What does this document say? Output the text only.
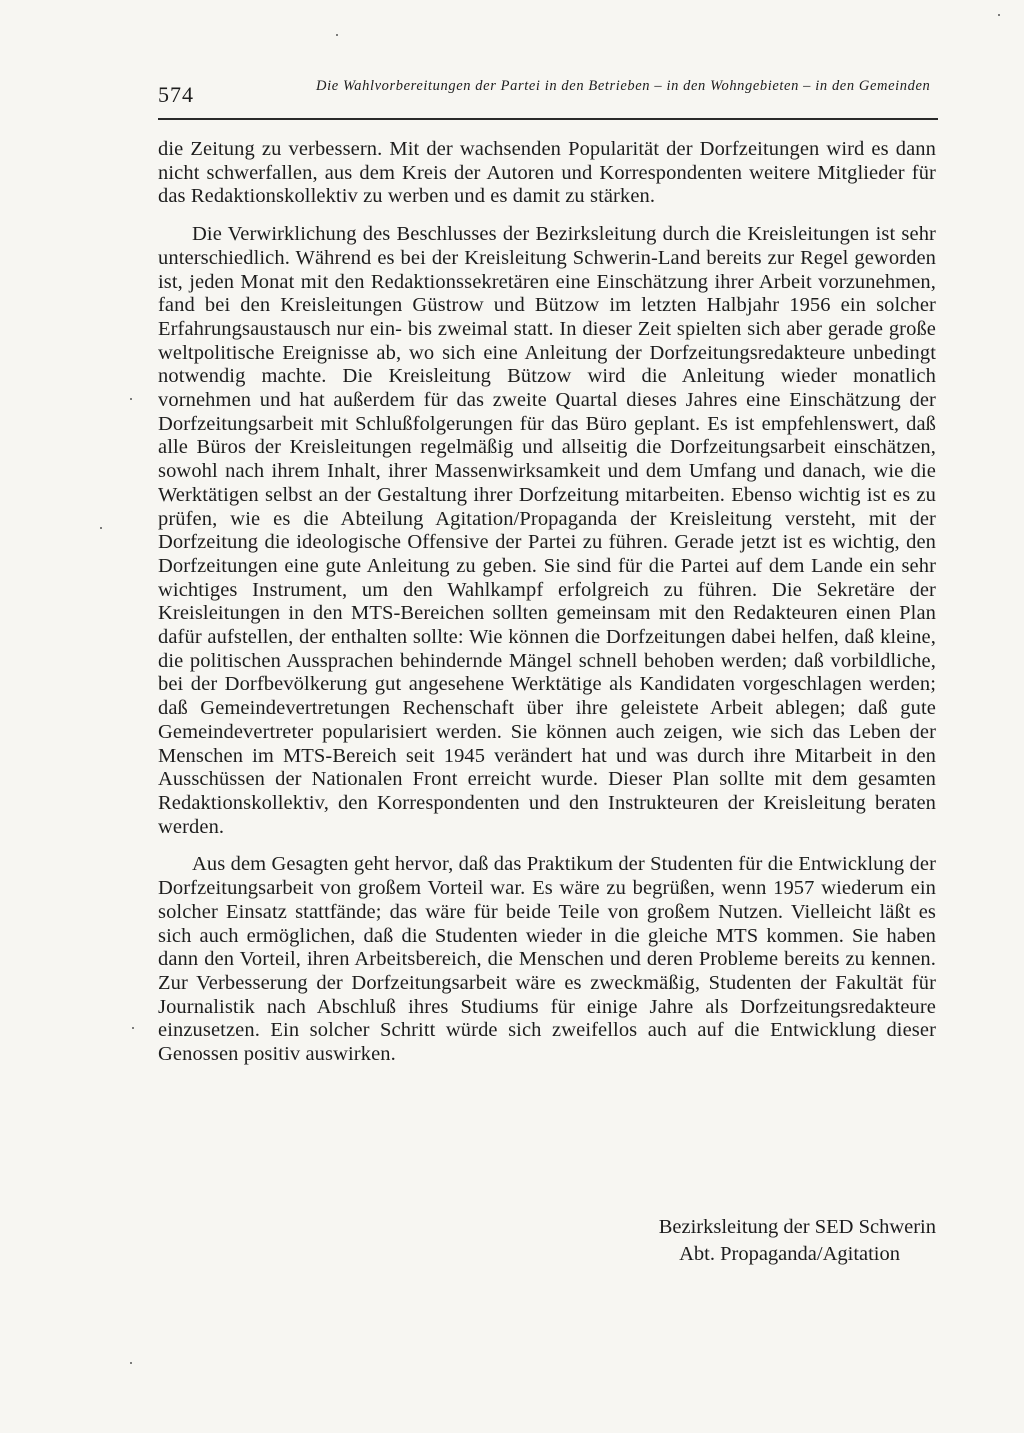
574	Die Wahlvorbereitungen der Partei in den Betrieben – in den Wohngebieten – in den Gemeinden

die Zeitung zu verbessern. Mit der wachsenden Popularität der Dorfzeitungen wird es dann nicht schwerfallen, aus dem Kreis der Autoren und Korrespondenten weitere Mitglieder für das Redaktionskollektiv zu werben und es damit zu stärken.

Die Verwirklichung des Beschlusses der Bezirksleitung durch die Kreisleitungen ist sehr unterschiedlich. Während es bei der Kreisleitung Schwerin-Land bereits zur Regel geworden ist, jeden Monat mit den Redaktionssekretären eine Einschätzung ihrer Arbeit vorzunehmen, fand bei den Kreisleitungen Güstrow und Bützow im letzten Halbjahr 1956 ein solcher Erfahrungsaustausch nur ein- bis zweimal statt. In dieser Zeit spielten sich aber gerade große weltpolitische Ereignisse ab, wo sich eine Anleitung der Dorfzeitungsredakteure unbedingt notwendig machte. Die Kreisleitung Bützow wird die Anleitung wieder monatlich vornehmen und hat außerdem für das zweite Quartal dieses Jahres eine Einschätzung der Dorfzeitungsarbeit mit Schlußfolgerungen für das Büro geplant. Es ist empfehlenswert, daß alle Büros der Kreisleitungen regelmäßig und allseitig die Dorfzeitungsarbeit einschätzen, sowohl nach ihrem Inhalt, ihrer Massenwirksamkeit und dem Umfang und danach, wie die Werktätigen selbst an der Gestaltung ihrer Dorfzeitung mitarbeiten. Ebenso wichtig ist es zu prüfen, wie es die Abteilung Agitation/Propaganda der Kreisleitung versteht, mit der Dorfzeitung die ideologische Offensive der Partei zu führen. Gerade jetzt ist es wichtig, den Dorfzeitungen eine gute Anleitung zu geben. Sie sind für die Partei auf dem Lande ein sehr wichtiges Instrument, um den Wahlkampf erfolgreich zu führen. Die Sekretäre der Kreisleitungen in den MTS-Bereichen sollten gemeinsam mit den Redakteuren einen Plan dafür aufstellen, der enthalten sollte: Wie können die Dorfzeitungen dabei helfen, daß kleine, die politischen Aussprachen behindernde Mängel schnell behoben werden; daß vorbildliche, bei der Dorfbevölkerung gut angesehene Werktätige als Kandidaten vorgeschlagen werden; daß Gemeindevertretungen Rechenschaft über ihre geleistete Arbeit ablegen; daß gute Gemeindevertreter popularisiert werden. Sie können auch zeigen, wie sich das Leben der Menschen im MTS-Bereich seit 1945 verändert hat und was durch ihre Mitarbeit in den Ausschüssen der Nationalen Front erreicht wurde. Dieser Plan sollte mit dem gesamten Redaktionskollektiv, den Korrespondenten und den Instrukteuren der Kreisleitung beraten werden.

Aus dem Gesagten geht hervor, daß das Praktikum der Studenten für die Entwicklung der Dorfzeitungsarbeit von großem Vorteil war. Es wäre zu begrüßen, wenn 1957 wiederum ein solcher Einsatz stattfände; das wäre für beide Teile von großem Nutzen. Vielleicht läßt es sich auch ermöglichen, daß die Studenten wieder in die gleiche MTS kommen. Sie haben dann den Vorteil, ihren Arbeitsbereich, die Menschen und deren Probleme bereits zu kennen. Zur Verbesserung der Dorfzeitungsarbeit wäre es zweckmäßig, Studenten der Fakultät für Journalistik nach Abschluß ihres Studiums für einige Jahre als Dorfzeitungsredakteure einzusetzen. Ein solcher Schritt würde sich zweifellos auch auf die Entwicklung dieser Genossen positiv auswirken.

Bezirksleitung der SED Schwerin
Abt. Propaganda/Agitation
